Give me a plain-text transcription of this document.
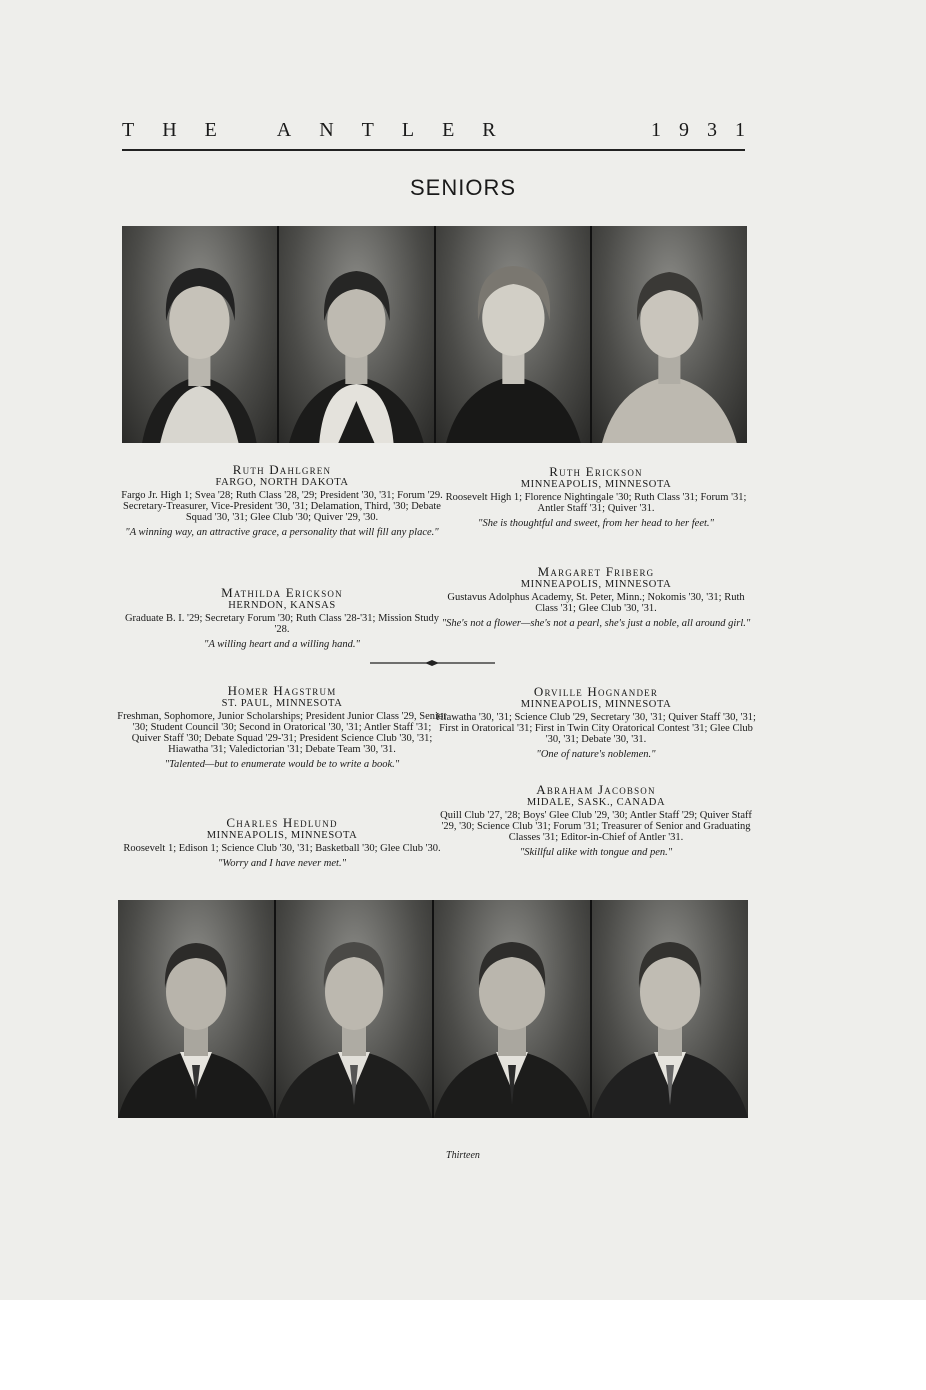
THE ANTLER	1931
SENIORS
Ruth Dahlgren
FARGO, NORTH DAKOTA
Fargo Jr. High 1; Svea '28; Ruth Class '28, '29; President '30, '31; Forum '29. Secretary-Treasurer, Vice-President '30, '31; Delamation, Third, '30; Debate Squad '30, '31; Glee Club '30; Quiver '29, '30.
"A winning way, an attractive grace, a personality that will fill any place."
Mathilda Erickson
HERNDON, KANSAS
Graduate B. I. '29; Secretary Forum '30; Ruth Class '28-'31; Mission Study '28.
"A willing heart and a willing hand."
Homer Hagstrum
ST. PAUL, MINNESOTA
Freshman, Sophomore, Junior Scholarships; President Junior Class '29, Senior '30; Student Council '30; Second in Oratorical '30, '31; Antler Staff '31; Quiver Staff '30; Debate Squad '29-'31; President Science Club '30, '31; Hiawatha '31; Valedictorian '31; Debate Team '30, '31.
"Talented—but to enumerate would be to write a book."
Charles Hedlund
MINNEAPOLIS, MINNESOTA
Roosevelt 1; Edison 1; Science Club '30, '31; Basketball '30; Glee Club '30.
"Worry and I have never met."
Ruth Erickson
MINNEAPOLIS, MINNESOTA
Roosevelt High 1; Florence Nightingale '30; Ruth Class '31; Forum '31; Antler Staff '31; Quiver '31.
"She is thoughtful and sweet, from her head to her feet."
Margaret Friberg
MINNEAPOLIS, MINNESOTA
Gustavus Adolphus Academy, St. Peter, Minn.; Nokomis '30, '31; Ruth Class '31; Glee Club '30, '31.
"She's not a flower—she's not a pearl, she's just a noble, all around girl."
Orville Hognander
MINNEAPOLIS, MINNESOTA
Hiawatha '30, '31; Science Club '29, Secretary '30, '31; Quiver Staff '30, '31; First in Oratorical '31; First in Twin City Oratorical Contest '31; Glee Club '30, '31; Debate '30, '31.
"One of nature's noblemen."
Abraham Jacobson
MIDALE, SASK., CANADA
Quill Club '27, '28; Boys' Glee Club '29, '30; Antler Staff '29; Quiver Staff '29, '30; Science Club '31; Forum '31; Treasurer of Senior and Graduating Classes '31; Editor-in-Chief of Antler '31.
"Skillful alike with tongue and pen."
Thirteen
